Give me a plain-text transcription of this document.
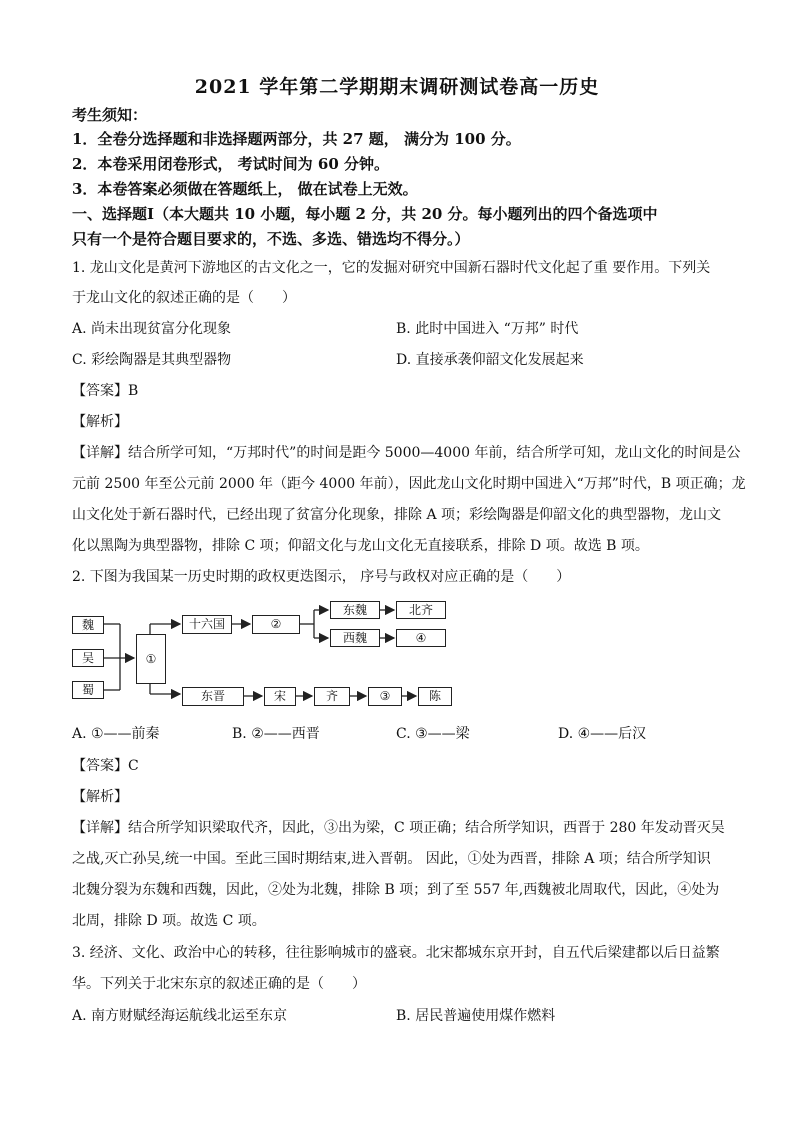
2021 学年第二学期期末调研测试卷高一历史
考生须知：
1．全卷分选择题和非选择题两部分，共 27 题， 满分为 100 分。
2．本卷采用闭卷形式， 考试时间为 60 分钟。
3．本卷答案必须做在答题纸上， 做在试卷上无效。
一、选择题Ⅰ（本大题共 10 小题，每小题 2 分，共 20 分。每小题列出的四个备选项中
只有一个是符合题目要求的，不选、多选、错选均不得分。）
1. 龙山文化是黄河下游地区的古文化之一，它的发掘对研究中国新石器时代文化起了重 要作用。下列关
于龙山文化的叙述正确的是（　　）
A. 尚未出现贫富分化现象	B. 此时中国进入 “万邦” 时代
C. 彩绘陶器是其典型器物	D. 直接承袭仰韶文化发展起来
【答案】B
【解析】
【详解】结合所学可知，“万邦时代”的时间是距今 5000—4000 年前，结合所学可知，龙山文化的时间是公
元前 2500 年至公元前 2000 年（距今 4000 年前），因此龙山文化时期中国进入“万邦”时代，B 项正确；龙
山文化处于新石器时代，已经出现了贫富分化现象，排除 A 项；彩绘陶器是仰韶文化的典型器物，龙山文
化以黑陶为典型器物，排除 C 项；仰韶文化与龙山文化无直接联系，排除 D 项。故选 B 项。
2. 下图为我国某一历史时期的政权更迭图示， 序号与政权对应正确的是（　　）
魏
吴
蜀
①
十六国	②
东魏	北齐
西魏	④
东晋	宋	齐	③	陈
A. ①——前秦	B. ②——西晋	C. ③——梁	D. ④——后汉
【答案】C
【解析】
【详解】结合所学知识梁取代齐，因此，③出为梁，C 项正确；结合所学知识，西晋于 280 年发动晋灭吴
之战,灭亡孙吴,统一中国。至此三国时期结束,进入晋朝。 因此，①处为西晋，排除 A 项；结合所学知识
北魏分裂为东魏和西魏，因此，②处为北魏，排除 B 项；到了至 557 年,西魏被北周取代，因此，④处为
北周，排除 D 项。故选 C 项。
3. 经济、文化、政治中心的转移，往往影响城市的盛衰。北宋都城东京开封，自五代后梁建都以后日益繁
华。下列关于北宋东京的叙述正确的是（　　）
A. 南方财赋经海运航线北运至东京	B. 居民普遍使用煤作燃料
